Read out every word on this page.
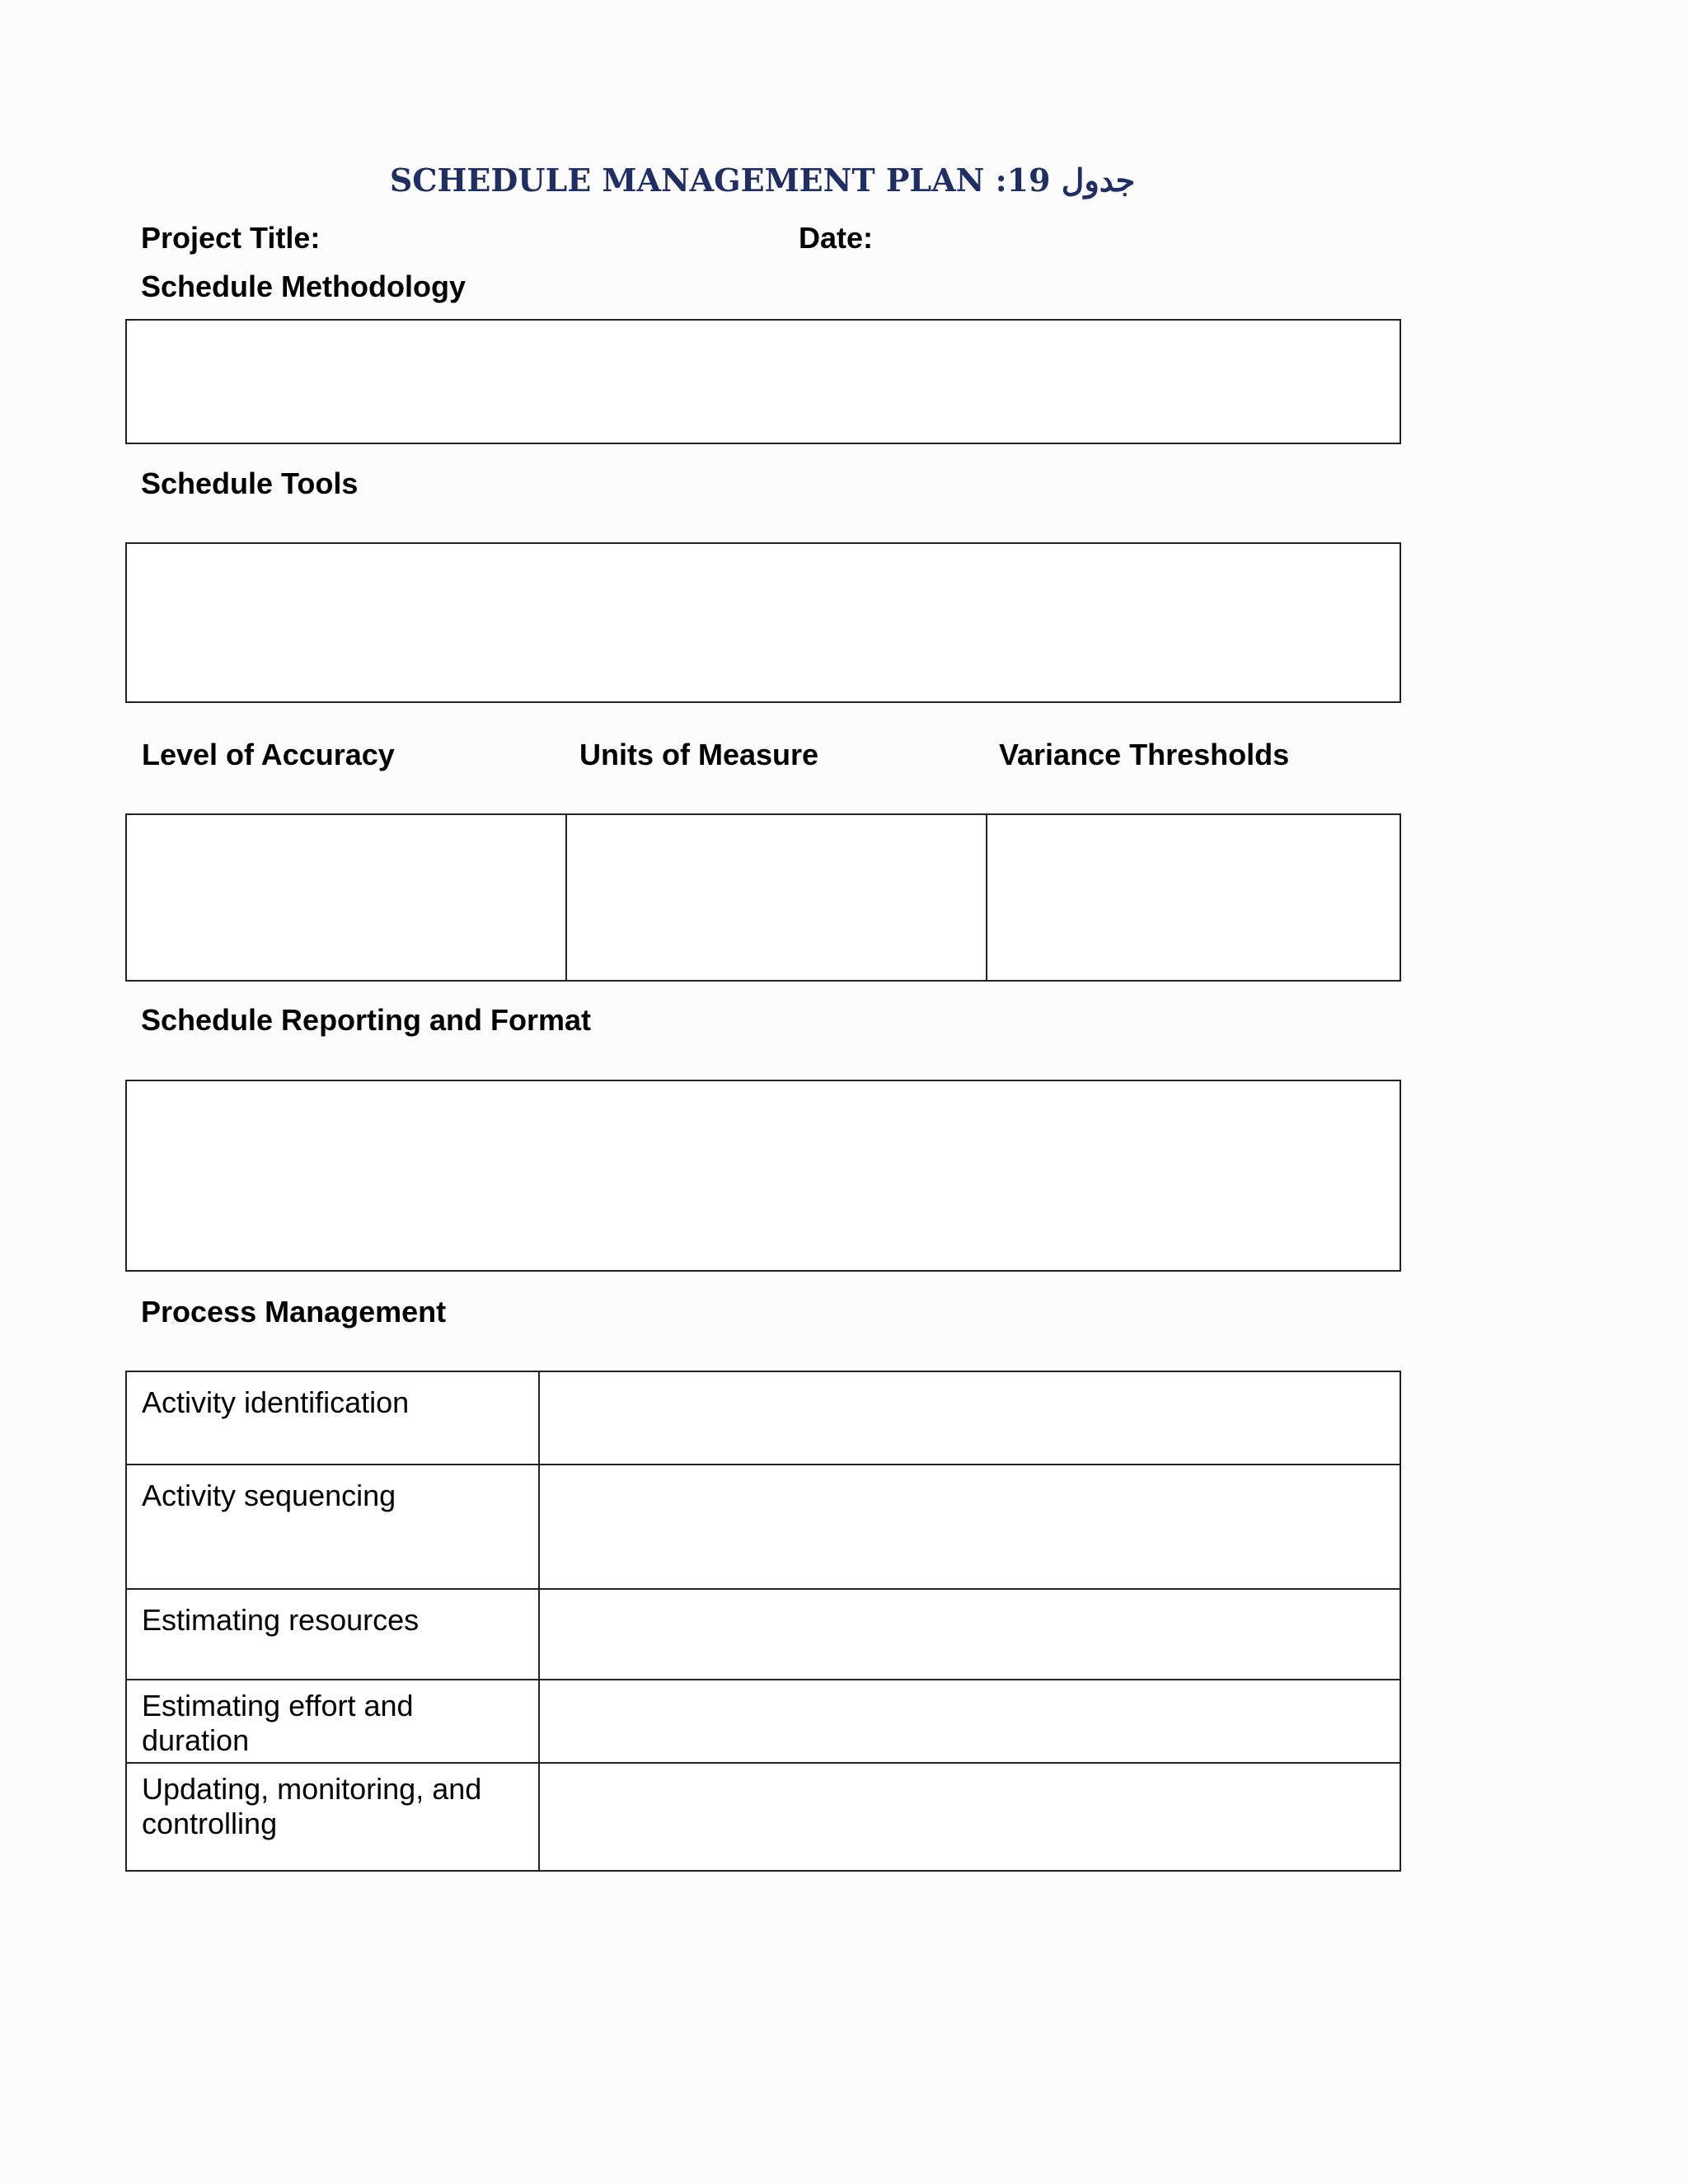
SCHEDULE MANAGEMENT PLAN :19 جدول
Project Title:	Date:
Schedule Methodology
Schedule Tools
Level of Accuracy	Units of Measure	Variance Thresholds
Schedule Reporting and Format
Process Management
Activity identification
Activity sequencing
Estimating resources
Estimating effort and duration
Updating, monitoring, and controlling
